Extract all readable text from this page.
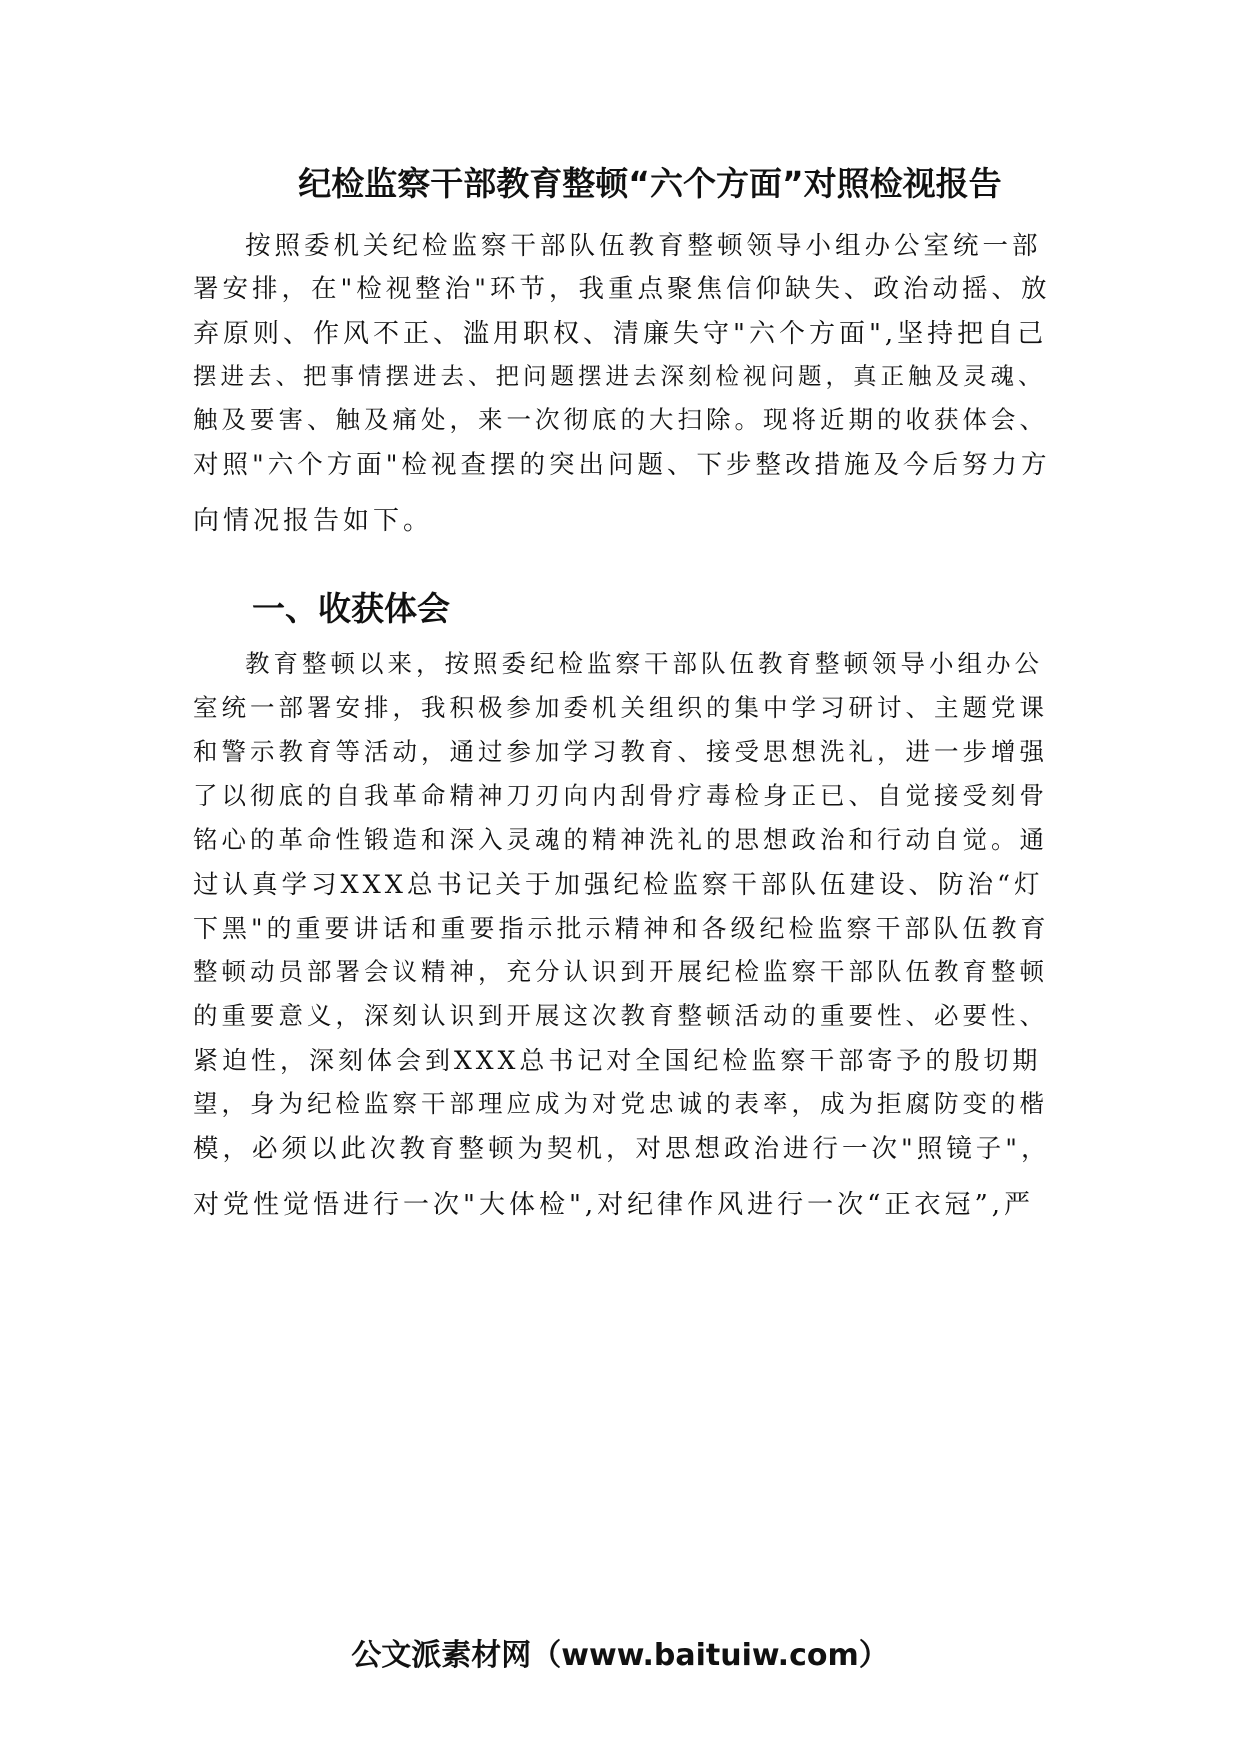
纪检监察干部教育整顿“六个方面”对照检视报告
按照委机关纪检监察干部队伍教育整顿领导小组办公室统一部
署安排，在"检视整治"环节，我重点聚焦信仰缺失、政治动摇、放
弃原则、作风不正、滥用职权、清廉失守"六个方面",坚持把自己
摆进去、把事情摆进去、把问题摆进去深刻检视问题，真正触及灵魂、
触及要害、触及痛处，来一次彻底的大扫除。现将近期的收获体会、
对照"六个方面"检视查摆的突出问题、下步整改措施及今后努力方
向情况报告如下。
一、收获体会
教育整顿以来，按照委纪检监察干部队伍教育整顿领导小组办公
室统一部署安排，我积极参加委机关组织的集中学习研讨、主题党课
和警示教育等活动，通过参加学习教育、接受思想洗礼，进一步增强
了以彻底的自我革命精神刀刃向内刮骨疗毒检身正已、自觉接受刻骨
铭心的革命性锻造和深入灵魂的精神洗礼的思想政治和行动自觉。通
过认真学习XXX总书记关于加强纪检监察干部队伍建设、防治“灯
下黑"的重要讲话和重要指示批示精神和各级纪检监察干部队伍教育
整顿动员部署会议精神，充分认识到开展纪检监察干部队伍教育整顿
的重要意义，深刻认识到开展这次教育整顿活动的重要性、必要性、
紧迫性，深刻体会到XXX总书记对全国纪检监察干部寄予的殷切期
望，身为纪检监察干部理应成为对党忠诚的表率，成为拒腐防变的楷
模，必须以此次教育整顿为契机，对思想政治进行一次"照镜子"，
对党性觉悟进行一次"大体检",对纪律作风进行一次“正衣冠”,严
公文派素材网（www.baituiw.com）
